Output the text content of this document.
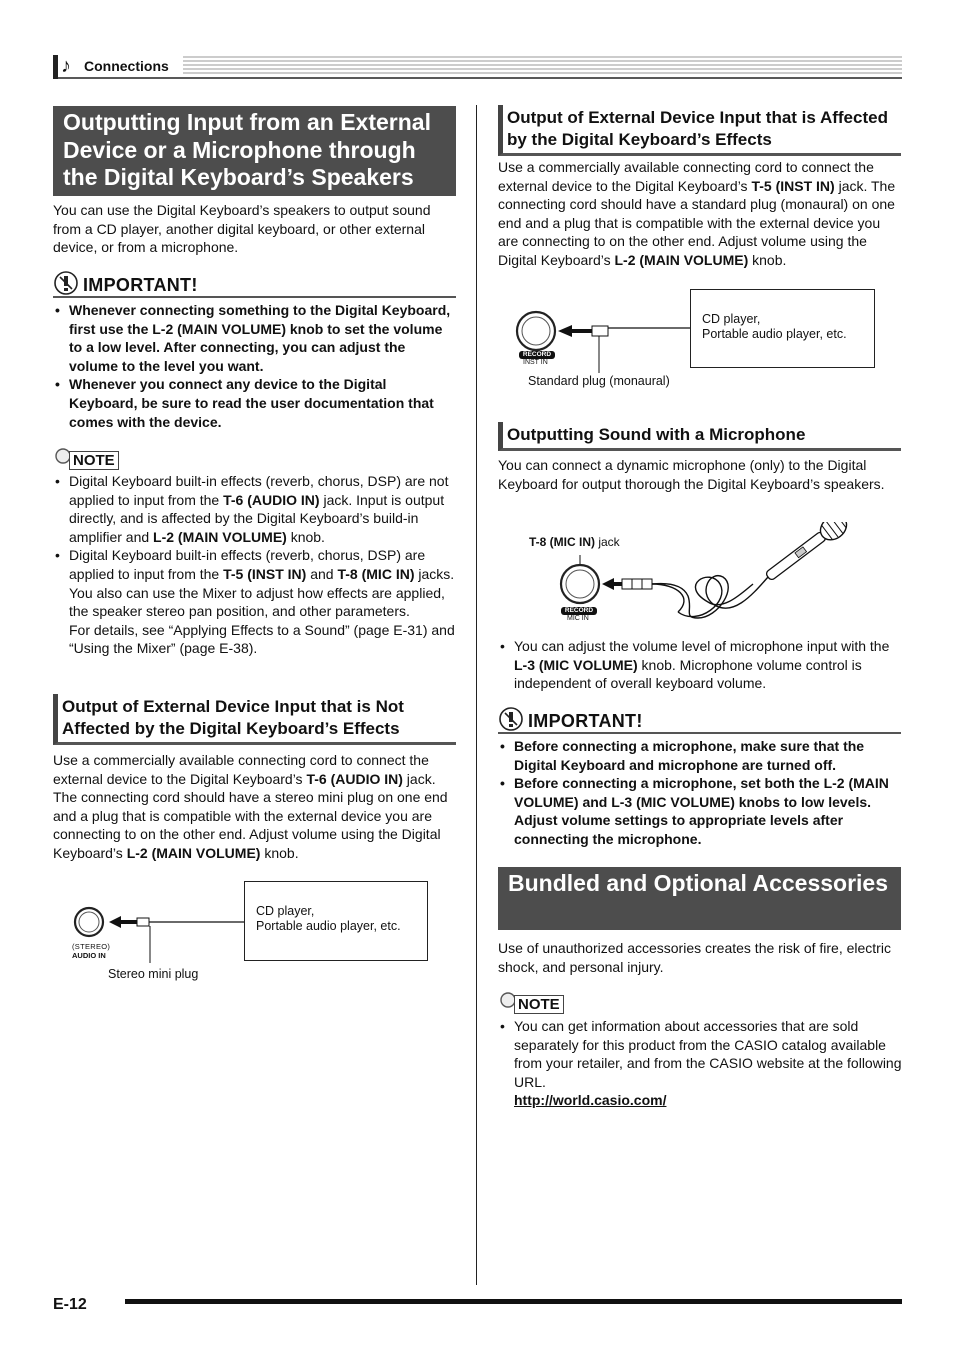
♪ Connections
Outputting Input from an External Device or a Microphone through the Digital Keyboard’s Speakers

You can use the Digital Keyboard’s speakers to output sound from a CD player, another digital keyboard, or other external device, or from a microphone.

IMPORTANT!
• Whenever connecting something to the Digital Keyboard, first use the L-2 (MAIN VOLUME) knob to set the volume to a low level. After connecting, you can adjust the volume to the level you want.
• Whenever you connect any device to the Digital Keyboard, be sure to read the user documentation that comes with the device.
NOTE
• Digital Keyboard built-in effects (reverb, chorus, DSP) are not applied to input from the T-6 (AUDIO IN) jack. Input is output directly, and is affected by the Digital Keyboard’s build-in amplifier and L-2 (MAIN VOLUME) knob.
• Digital Keyboard built-in effects (reverb, chorus, DSP) are applied to input from the T-5 (INST IN) and T-8 (MIC IN) jacks. You also can use the Mixer to adjust how effects are applied, the speaker stereo pan position, and other parameters.
For details, see “Applying Effects to a Sound” (page E-31) and “Using the Mixer” (page E-38).
Output of External Device Input that is Not Affected by the Digital Keyboard’s Effects

Use a commercially available connecting cord to connect the external device to the Digital Keyboard’s T-6 (AUDIO IN) jack. The connecting cord should have a stereo mini plug on one end and a plug that is compatible with the external device you are connecting to on the other end. Adjust volume using the Digital Keyboard’s L-2 (MAIN VOLUME) knob.

(STEREO)
AUDIO IN
CD player,
Portable audio player, etc.
Stereo mini plug
Output of External Device Input that is Affected by the Digital Keyboard’s Effects

Use a commercially available connecting cord to connect the external device to the Digital Keyboard’s T-5 (INST IN) jack. The connecting cord should have a standard plug (monaural) on one end and a plug that is compatible with the external device you are connecting to on the other end. Adjust volume using the Digital Keyboard’s L-2 (MAIN VOLUME) knob.

RECORD
INST IN
CD player,
Portable audio player, etc.
Standard plug (monaural)
Outputting Sound with a Microphone

You can connect a dynamic microphone (only) to the Digital Keyboard for output thorough the Digital Keyboard’s speakers.

T-8 (MIC IN) jack
RECORD
MIC IN
• You can adjust the volume level of microphone input with the L-3 (MIC VOLUME) knob. Microphone volume control is independent of overall keyboard volume.
IMPORTANT!
• Before connecting a microphone, make sure that the Digital Keyboard and microphone are turned off.
• Before connecting a microphone, set both the L-2 (MAIN VOLUME) and L-3 (MIC VOLUME) knobs to low levels. Adjust volume settings to appropriate levels after connecting the microphone.
Bundled and Optional Accessories

Use of unauthorized accessories creates the risk of fire, electric shock, and personal injury.

NOTE
• You can get information about accessories that are sold separately for this product from the CASIO catalog available from your retailer, and from the CASIO website at the following URL.
http://world.casio.com/
E-12
